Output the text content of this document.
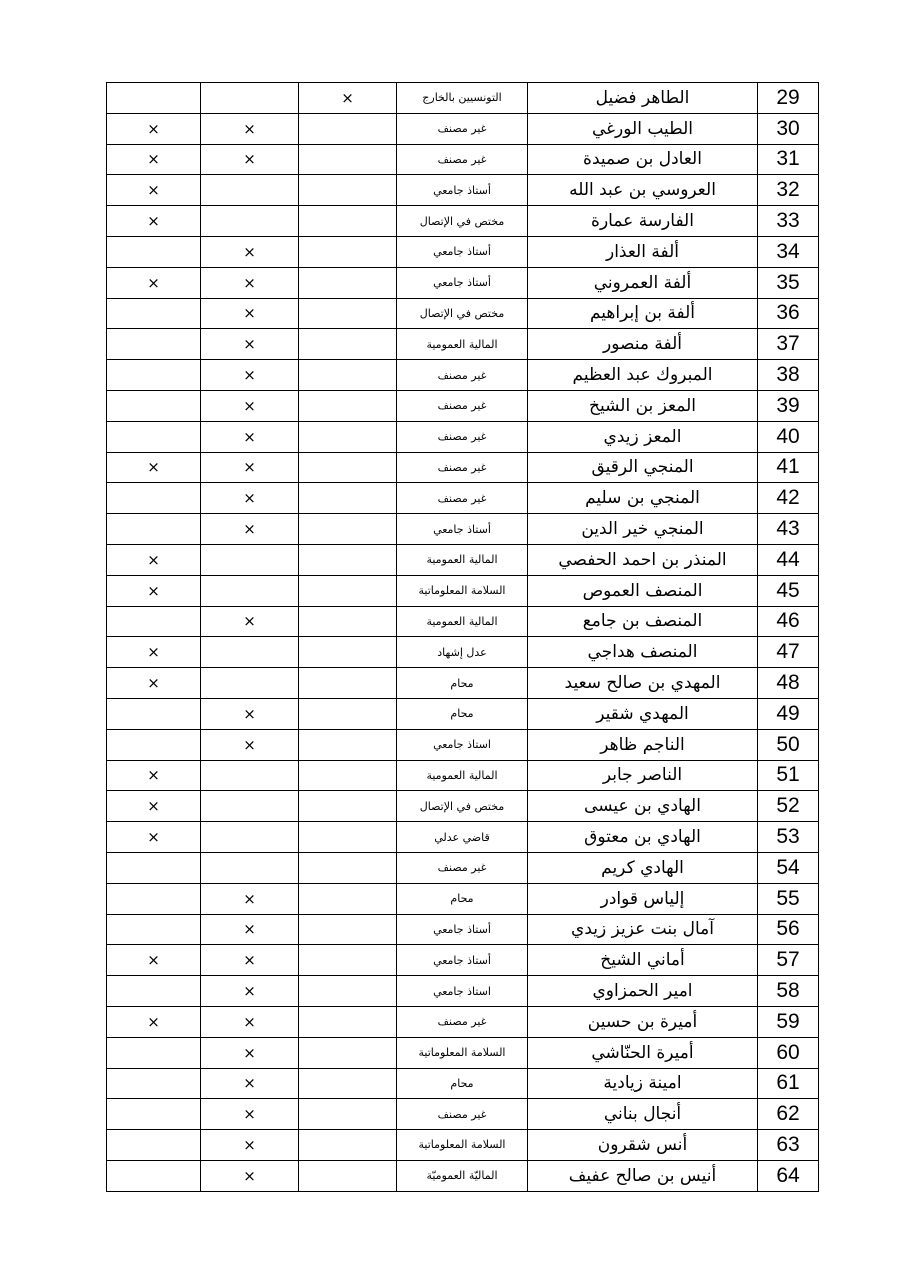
		×	التونسيين بالخارج	الطاهر فضيل	29
×	×		غير مصنف	الطيب الورغي	30
×	×		غير مصنف	العادل بن صميدة	31
×			أستاذ جامعي	العروسي بن عبد الله	32
×			مختص في الإتصال	الفارسة عمارة	33
	×		أستاذ جامعي	ألفة العذار	34
×	×		أستاذ جامعي	ألفة العمروني	35
	×		مختص في الإتصال	ألفة بن إبراهيم	36
	×		المالية العمومية	ألفة منصور	37
	×		غير مصنف	المبروك عبد العظيم	38
	×		غير مصنف	المعز بن الشيخ	39
	×		غير مصنف	المعز زيدي	40
×	×		غير مصنف	المنجي الرقيق	41
	×		غير مصنف	المنجي بن سليم	42
	×		أستاذ جامعي	المنجي خير الدين	43
×			المالية العمومية	المنذر بن احمد الحفصي	44
×			السلامة المعلوماتية	المنصف العموص	45
	×		المالية العمومية	المنصف بن جامع	46
×			عدل إشهاد	المنصف هداجي	47
×			محام	المهدي بن صالح سعيد	48
	×		محام	المهدي شقير	49
	×		استاذ جامعي	الناجم ظاهر	50
×			المالية العمومية	الناصر جابر	51
×			مختص في الإتصال	الهادي بن عيسى	52
×			قاضي عدلي	الهادي بن معتوق	53
			غير مصنف	الهادي كريم	54
	×		محام	إلياس قوادر	55
	×		أستاذ جامعي	آمال بنت عزيز زيدي	56
×	×		أستاذ جامعي	أماني الشيخ	57
	×		استاذ جامعي	امير الحمزاوي	58
×	×		غير مصنف	أميرة بن حسين	59
	×		السلامة المعلوماتية	أميرة الحنّاشي	60
	×		محام	امينة زيادية	61
	×		غير مصنف	أنجال بناني	62
	×		السلامة المعلوماتية	أنس شقرون	63
	×		الماليّة العموميّة	أنيس بن صالح عفيف	64
